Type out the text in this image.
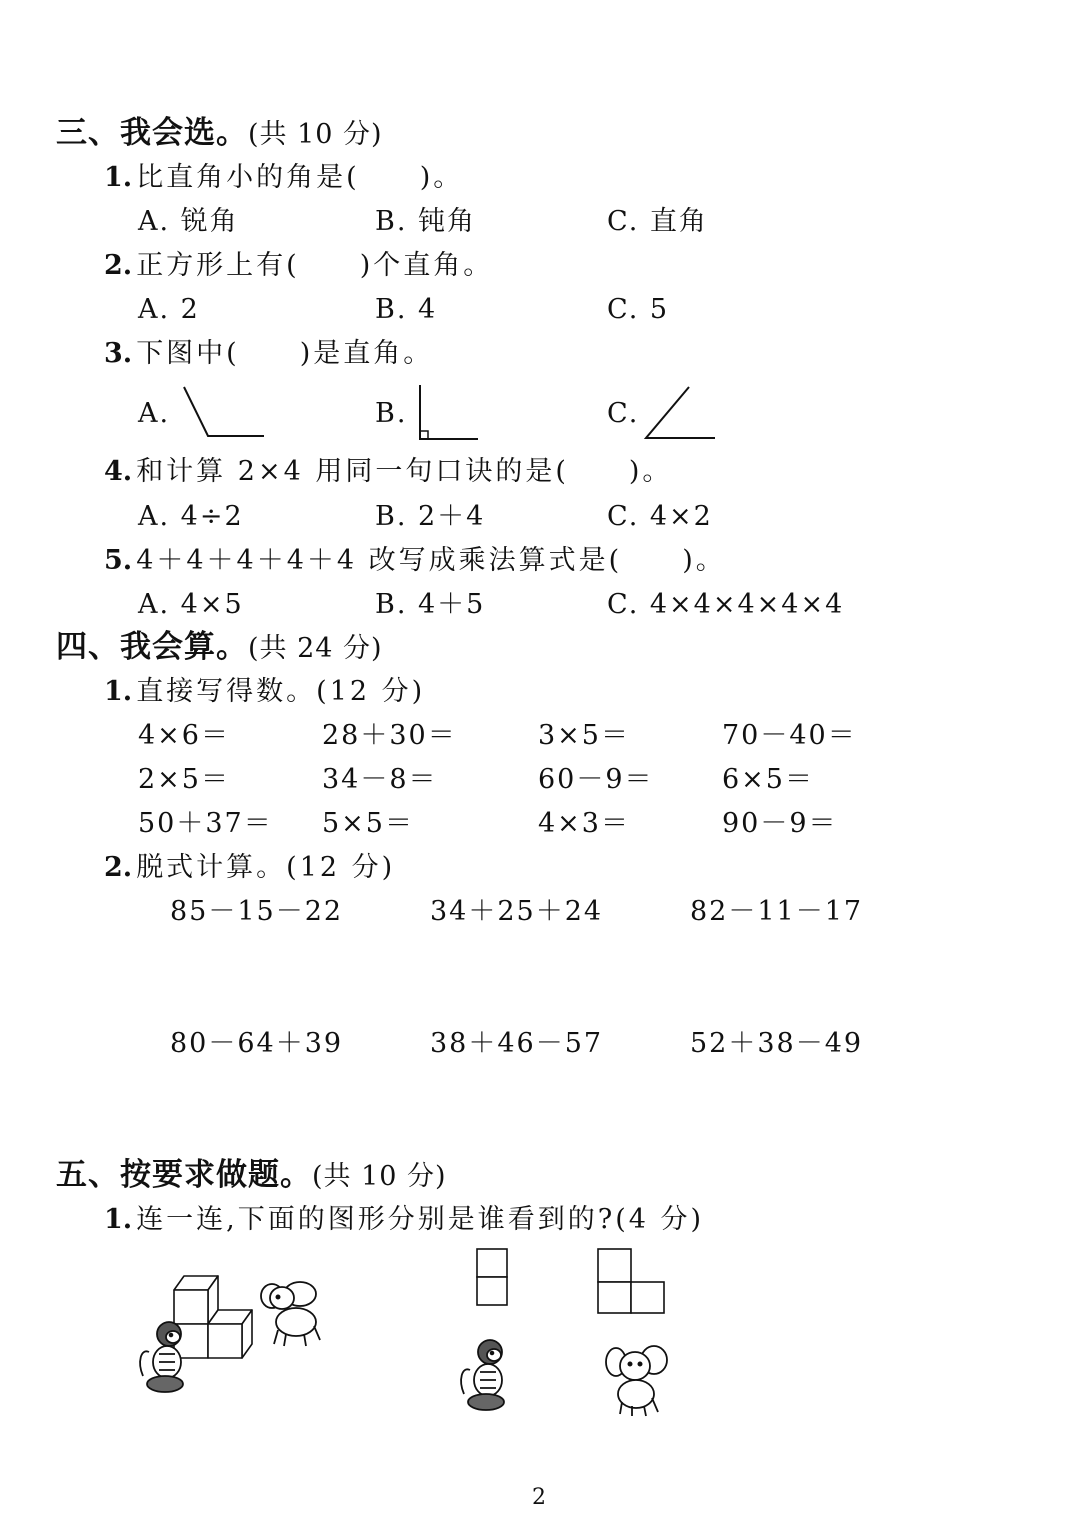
三、我会选。(共 10 分)
1. 比直角小的角是(　　)。
A. 锐角	B. 钝角	C. 直角
2. 正方形上有(　　)个直角。
A. 2	B. 4	C. 5
3. 下图中(　　)是直角。
A.	B.	C.
4. 和计算 2×4 用同一句口诀的是(　　)。
A. 4÷2	B. 2＋4	C. 4×2
5. 4＋4＋4＋4＋4 改写成乘法算式是(　　)。
A. 4×5	B. 4＋5	C. 4×4×4×4×4
四、我会算。(共 24 分)
1. 直接写得数。(12 分)
4×6＝	28＋30＝	3×5＝	70－40＝
2×5＝	34－8＝	60－9＝	6×5＝
50＋37＝ 5×5＝	4×3＝	90－9＝
2. 脱式计算。(12 分)
85－15－22	34＋25＋24	82－11－17
80－64＋39	38＋46－57	52＋38－49
五、按要求做题。(共 10 分)
1. 连一连,下面的图形分别是谁看到的?(4 分)
2
